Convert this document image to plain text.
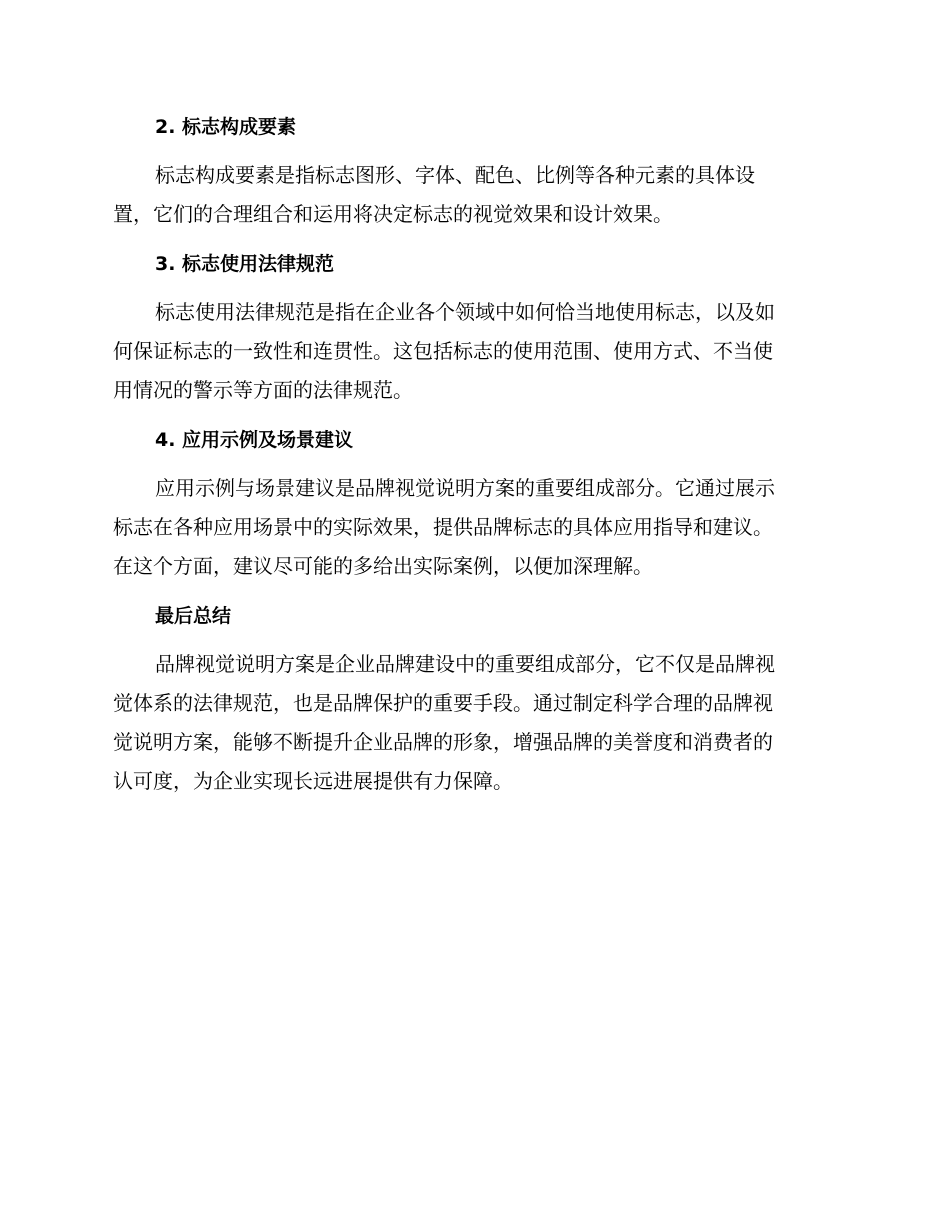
2. 标志构成要素

标志构成要素是指标志图形、字体、配色、比例等各种元素的具体设
置，它们的合理组合和运用将决定标志的视觉效果和设计效果。

3. 标志使用法律规范

标志使用法律规范是指在企业各个领域中如何恰当地使用标志，以及如
何保证标志的一致性和连贯性。这包括标志的使用范围、使用方式、不当使
用情况的警示等方面的法律规范。

4. 应用示例及场景建议

应用示例与场景建议是品牌视觉说明方案的重要组成部分。它通过展示
标志在各种应用场景中的实际效果，提供品牌标志的具体应用指导和建议。
在这个方面，建议尽可能的多给出实际案例，以便加深理解。

最后总结

品牌视觉说明方案是企业品牌建设中的重要组成部分，它不仅是品牌视
觉体系的法律规范，也是品牌保护的重要手段。通过制定科学合理的品牌视
觉说明方案，能够不断提升企业品牌的形象，增强品牌的美誉度和消费者的
认可度，为企业实现长远进展提供有力保障。
